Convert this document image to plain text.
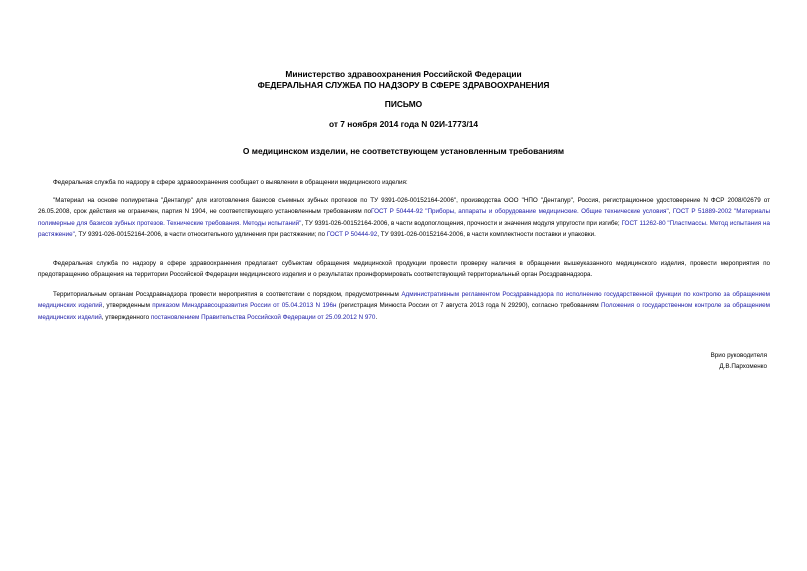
Министерство здравоохранения Российской Федерации
ФЕДЕРАЛЬНАЯ СЛУЖБА ПО НАДЗОРУ В СФЕРЕ ЗДРАВООХРАНЕНИЯ
ПИСЬМО
от 7 ноября 2014 года N 02И-1773/14
О медицинском изделии, не соответствующем установленным требованиям
Федеральная служба по надзору в сфере здравоохранения сообщает о выявлении в обращении медицинского изделия:
"Материал на основе полиуретана "Дентапур" для изготовления базисов съемных зубных протезов по ТУ 9391-026-00152164-2006", производства ООО "НПО "Дентапур", Россия, регистрационное удостоверение N ФСР 2008/02679 от 26.05.2008, срок действия не ограничен, партия N 1904, не соответствующего установленным требованиям поГОСТ Р 50444-92 "Приборы, аппараты и оборудование медицинские. Общие технические условия", ГОСТ Р 51889-2002 "Материалы полимерные для базисов зубных протезов. Технические требования. Методы испытаний", ТУ 9391-026-00152164-2006, в части водопоглощения, прочности и значения модуля упругости при изгибе; ГОСТ 11262-80 "Пластмассы. Метод испытания на растяжение", ТУ 9391-026-00152164-2006, в части относительного удлинения при растяжении; по ГОСТ Р 50444-92, ТУ 9391-026-00152164-2006, в части комплектности поставки и упаковки.
Федеральная служба по надзору в сфере здравоохранения предлагает субъектам обращения медицинской продукции провести проверку наличия в обращении вышеуказанного медицинского изделия, провести мероприятия по предотвращению обращения на территории Российской Федерации медицинского изделия и о результатах проинформировать соответствующий территориальный орган Росздравнадзора.
Территориальным органам Росздравнадзора провести мероприятия в соответствии с порядком, предусмотренным Административным регламентом Росздравнадзора по исполнению государственной функции по контролю за обращением медицинских изделий, утвержденным приказом Минздравсоцразвития России от 05.04.2013 N 196н (регистрация Минюста России от 7 августа 2013 года N 29290), согласно требованиям Положения о государственном контроле за обращением медицинских изделий, утвержденного постановлением Правительства Российской Федерации от 25.09.2012 N 970.
Врио руководителя
Д.В.Пархоменко
